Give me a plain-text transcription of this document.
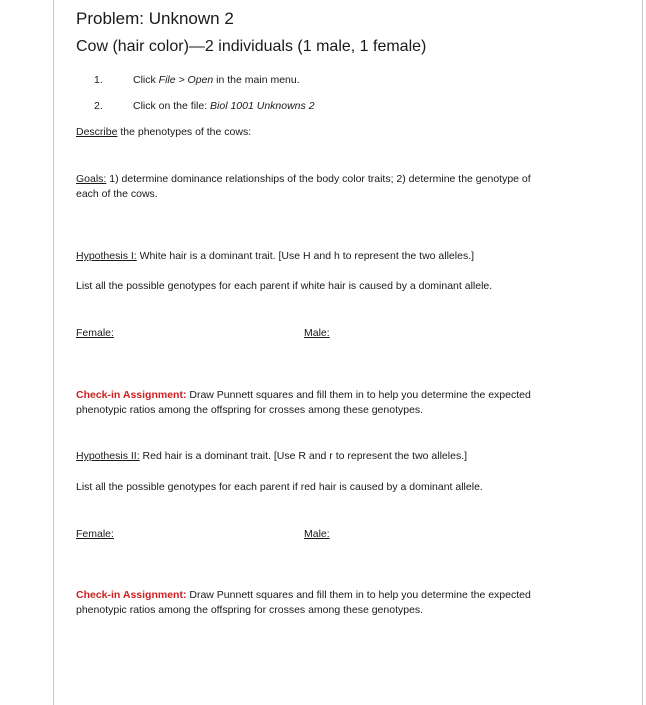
Problem: Unknown 2
Cow (hair color)—2 individuals (1 male, 1 female)
1.	Click File > Open in the main menu.
2.	Click on the file: Biol 1001 Unknowns 2
Describe the phenotypes of the cows:
Goals: 1) determine dominance relationships of the body color traits; 2) determine the genotype of each of the cows.
Hypothesis I: White hair is a dominant trait. [Use H and h to represent the two alleles.]
List all the possible genotypes for each parent if white hair is caused by a dominant allele.
Female:	Male:
Check-in Assignment: Draw Punnett squares and fill them in to help you determine the expected phenotypic ratios among the offspring for crosses among these genotypes.
Hypothesis II: Red hair is a dominant trait. [Use R and r to represent the two alleles.]
List all the possible genotypes for each parent if red hair is caused by a dominant allele.
Female:	Male:
Check-in Assignment: Draw Punnett squares and fill them in to help you determine the expected phenotypic ratios among the offspring for crosses among these genotypes.
